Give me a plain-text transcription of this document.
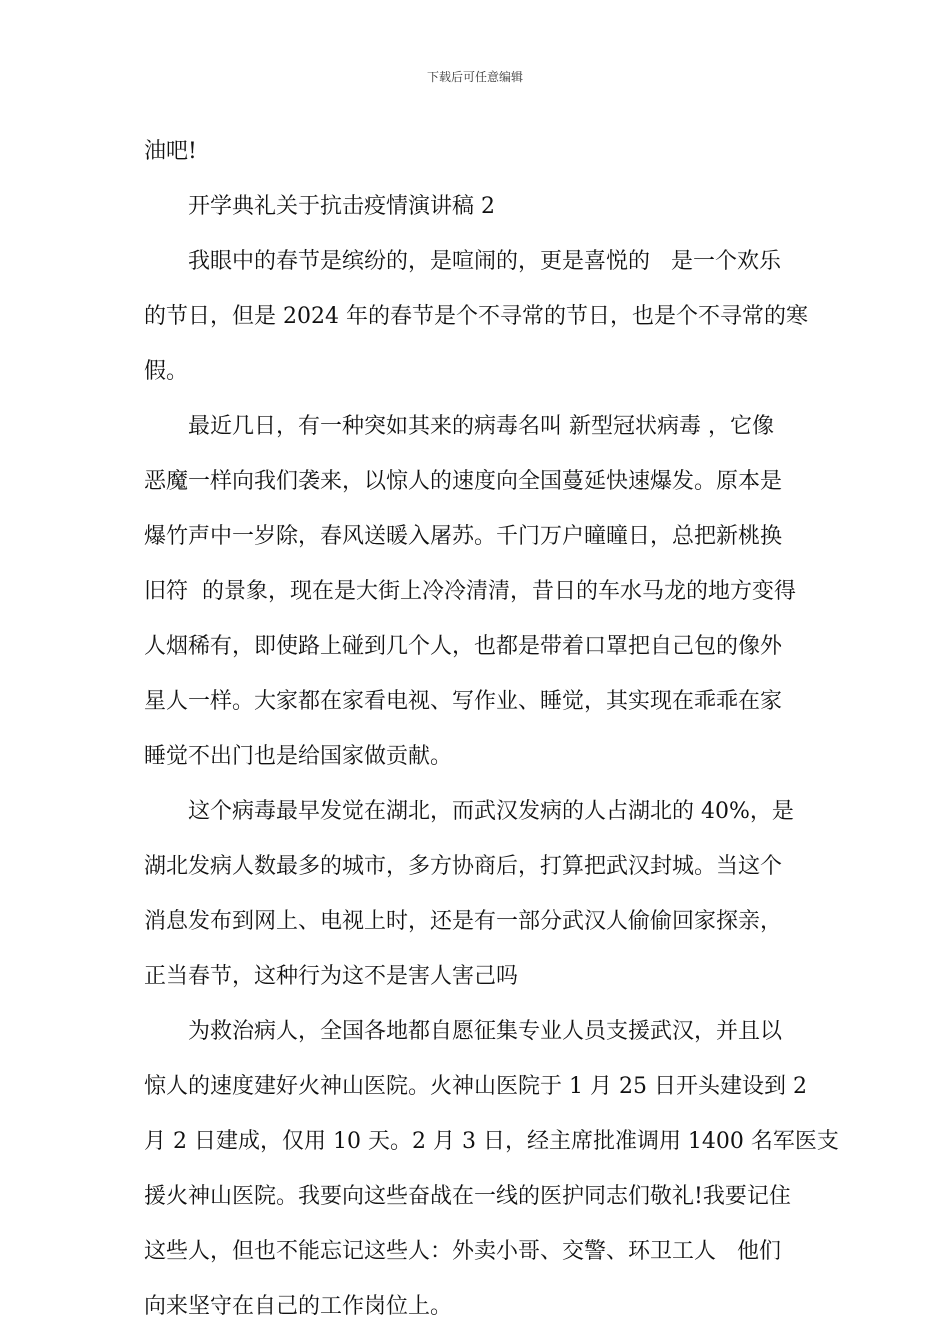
下载后可任意编辑
油吧!
开学典礼关于抗击疫情演讲稿 2
我眼中的春节是缤纷的，是喧闹的，更是喜悦的   是一个欢乐
的节日，但是 2024 年的春节是个不寻常的节日，也是个不寻常的寒
假。
最近几日，有一种突如其来的病毒名叫 新型冠状病毒 ，它像
恶魔一样向我们袭来，以惊人的速度向全国蔓延快速爆发。原本是
爆竹声中一岁除，春风送暖入屠苏。千门万户曈曈日，总把新桃换
旧符  的景象，现在是大街上冷冷清清，昔日的车水马龙的地方变得
人烟稀有，即使路上碰到几个人，也都是带着口罩把自己包的像外
星人一样。大家都在家看电视、写作业、睡觉，其实现在乖乖在家
睡觉不出门也是给国家做贡献。
这个病毒最早发觉在湖北，而武汉发病的人占湖北的 40%，是
湖北发病人数最多的城市，多方协商后，打算把武汉封城。当这个
消息发布到网上、电视上时，还是有一部分武汉人偷偷回家探亲，
正当春节，这种行为这不是害人害己吗
为救治病人，全国各地都自愿征集专业人员支援武汉，并且以
惊人的速度建好火神山医院。火神山医院于 1 月 25 日开头建设到 2
月 2 日建成，仅用 10 天。2 月 3 日，经主席批准调用 1400 名军医支
援火神山医院。我要向这些奋战在一线的医护同志们敬礼!我要记住
这些人，但也不能忘记这些人：外卖小哥、交警、环卫工人   他们
向来坚守在自己的工作岗位上。
